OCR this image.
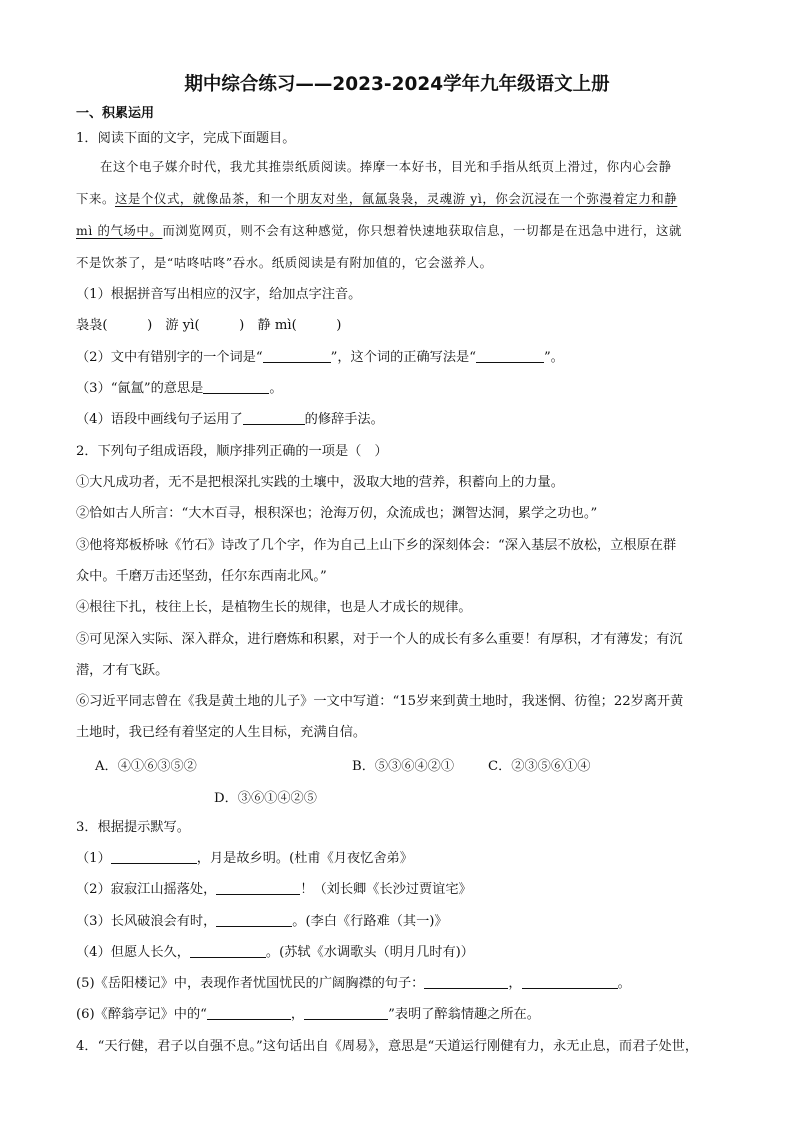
期中综合练习——2023-2024学年九年级语文上册
一、积累运用
1．阅读下面的文字，完成下面题目。
在这个电子媒介时代，我尤其推崇纸质阅读。捧摩一本好书，目光和手指从纸页上滑过，你内心会静
下来。这是个仪式，就像品茶，和一个朋友对坐，氤氲袅袅，灵魂游 yì，你会沉浸在一个弥漫着定力和静
mì 的气场中。而浏览网页，则不会有这种感觉，你只想着快速地获取信息，一切都是在迅急中进行，这就
不是饮茶了，是“咕咚咕咚”吞水。纸质阅读是有附加值的，它会滋养人。
（1）根据拼音写出相应的汉字，给加点字注音。
袅袅(　　　)　游 yì(　　　)　静 mì(　　　)
（2）文中有错别字的一个词是“	”，这个词的正确写法是“	”。
（3）“氤氲”的意思是	。
（4）语段中画线句子运用了	的修辞手法。
2．下列句子组成语段，顺序排列正确的一项是（　）
①大凡成功者，无不是把根深扎实践的土壤中，汲取大地的营养，积蓄向上的力量。
②恰如古人所言：“大木百寻，根积深也；沧海万仞，众流成也；渊智达洞，累学之功也。”
③他将郑板桥咏《竹石》诗改了几个字，作为自己上山下乡的深刻体会：“深入基层不放松，立根原在群
众中。千磨万击还坚劲，任尔东西南北风。”
④根往下扎，枝往上长，是植物生长的规律，也是人才成长的规律。
⑤可见深入实际、深入群众，进行磨炼和积累，对于一个人的成长有多么重要！有厚积，才有薄发；有沉
潜，才有飞跃。
⑥习近平同志曾在《我是黄土地的儿子》一文中写道：“15岁来到黄土地时，我迷惘、彷徨；22岁离开黄
土地时，我已经有着坚定的人生目标，充满自信。
A．④①⑥③⑤②	B．⑤③⑥④②①	C．②③⑤⑥①④
D．③⑥①④②⑤
3．根据提示默写。
（1）	，月是故乡明。(杜甫《月夜忆舍弟》
（2）寂寂江山摇落处，	！（刘长卿《长沙过贾谊宅》
（3）长风破浪会有时，	。(李白《行路难（其一)》
（4）但愿人长久，	。(苏轼《水调歌头（明月几时有)）
(5)《岳阳楼记》中，表现作者忧国忧民的广阔胸襟的句子：	，	。
(6)《醉翁亭记》中的“	，	”表明了醉翁情趣之所在。
4．“天行健，君子以自强不息。”这句话出自《周易》，意思是“天道运行刚健有力，永无止息，而君子处世，
